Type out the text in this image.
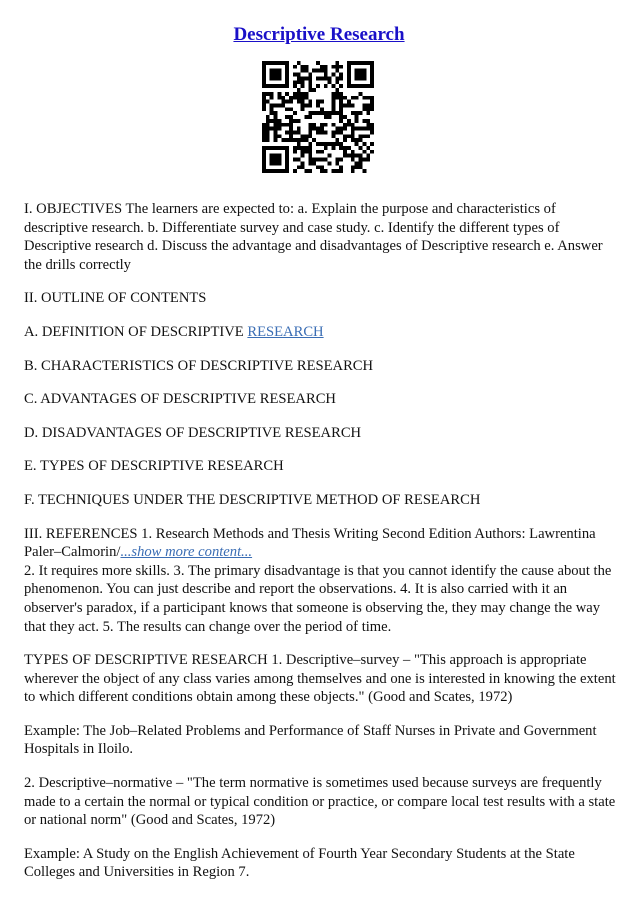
Descriptive Research

I. OBJECTIVES The learners are expected to: a. Explain the purpose and characteristics of descriptive research. b. Differentiate survey and case study. c. Identify the different types of Descriptive research d. Discuss the advantage and disadvantages of Descriptive research e. Answer the drills correctly

II. OUTLINE OF CONTENTS

A. DEFINITION OF DESCRIPTIVE RESEARCH

B. CHARACTERISTICS OF DESCRIPTIVE RESEARCH

C. ADVANTAGES OF DESCRIPTIVE RESEARCH

D. DISADVANTAGES OF DESCRIPTIVE RESEARCH

E. TYPES OF DESCRIPTIVE RESEARCH

F. TECHNIQUES UNDER THE DESCRIPTIVE METHOD OF RESEARCH

III. REFERENCES 1. Research Methods and Thesis Writing Second Edition Authors: Lawrentina Paler–Calmorin/...show more content...

2. It requires more skills. 3. The primary disadvantage is that you cannot identify the cause about the phenomenon. You can just describe and report the observations. 4. It is also carried with it an observer's paradox, if a participant knows that someone is observing the, they may change the way that they act. 5. The results can change over the period of time.

TYPES OF DESCRIPTIVE RESEARCH 1. Descriptive–survey – "This approach is appropriate wherever the object of any class varies among themselves and one is interested in knowing the extent to which different conditions obtain among these objects." (Good and Scates, 1972)

Example: The Job–Related Problems and Performance of Staff Nurses in Private and Government Hospitals in Iloilo.

2. Descriptive–normative – "The term normative is sometimes used because surveys are frequently made to a certain the normal or typical condition or practice, or compare local test results with a state or national norm" (Good and Scates, 1972)

Example: A Study on the English Achievement of Fourth Year Secondary Students at the State Colleges and Universities in Region 7.
